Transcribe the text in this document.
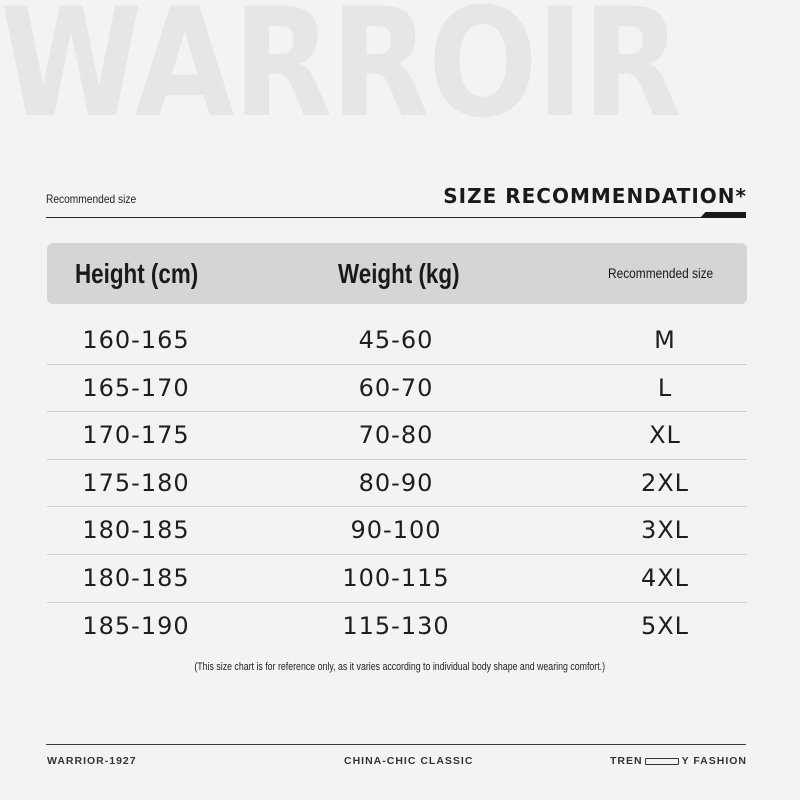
WARROIR
Recommended size	SIZE RECOMMENDATION*
Height (cm)	Weight (kg)	Recommended size
160-165	45-60	M
165-170	60-70	L
170-175	70-80	XL
175-180	80-90	2XL
180-185	90-100	3XL
180-185	100-115	4XL
185-190	115-130	5XL
(This size chart is for reference only, as it varies according to individual body shape and wearing comfort.)
WARRIOR-1927	CHINA-CHIC CLASSIC	TREN	Y FASHION
